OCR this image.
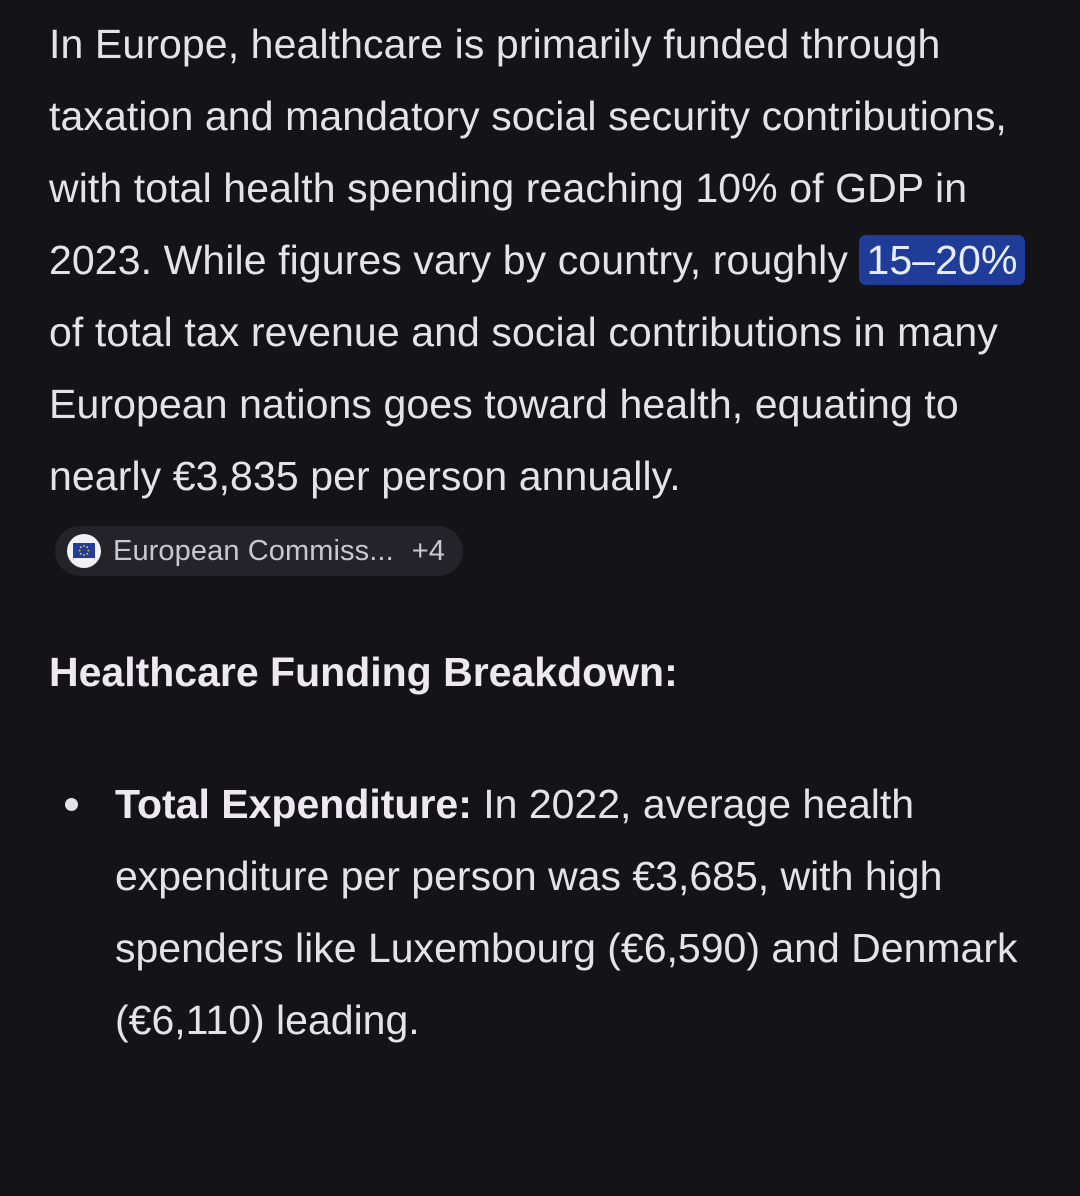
In Europe, healthcare is primarily funded through taxation and mandatory social security contributions, with total health spending reaching 10% of GDP in 2023. While figures vary by country, roughly 15–20% of total tax revenue and social contributions in many European nations goes toward health, equating to nearly €3,835 per person annually.
European Commiss... +4

Healthcare Funding Breakdown:
Total Expenditure: In 2022, average health expenditure per person was €3,685, with high spenders like Luxembourg (€6,590) and Denmark (€6,110) leading.
